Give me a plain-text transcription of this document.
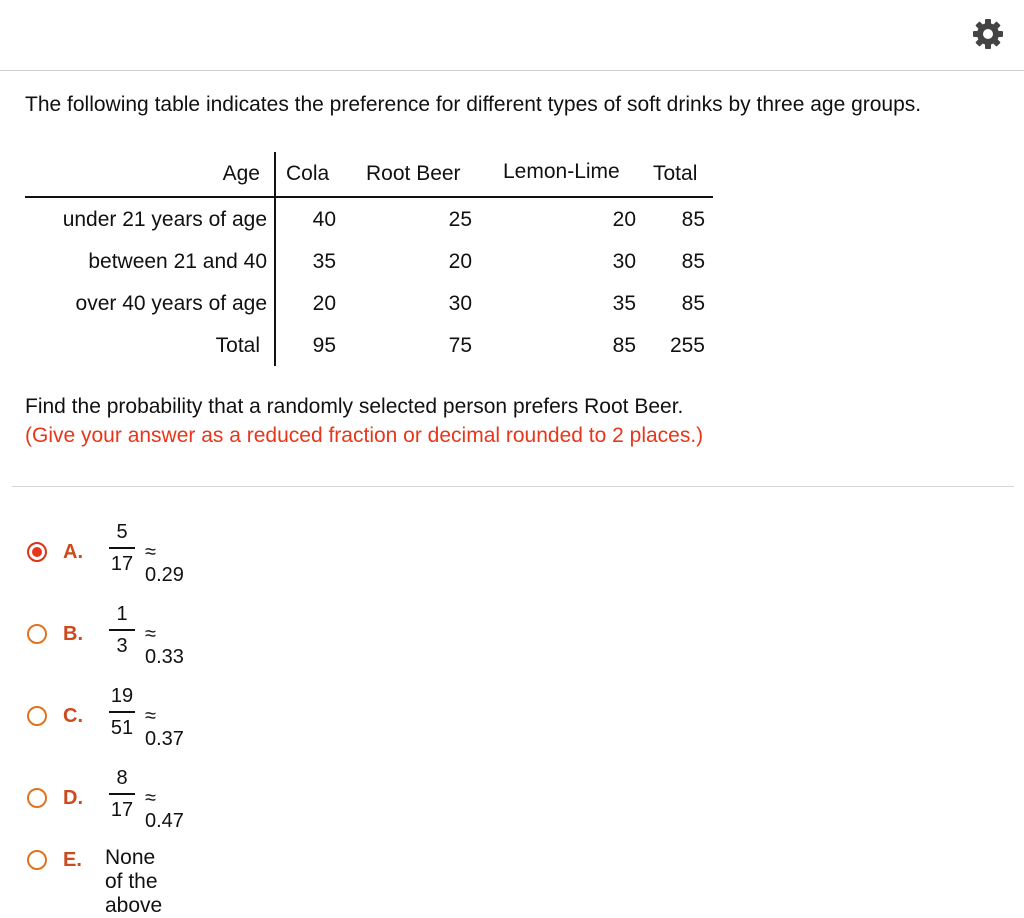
The following table indicates the preference for different types of soft drinks by three age groups.
Age Cola Root Beer Lemon-Lime Total
under 21 years of age	40	25	20	85
between 21 and 40	35	20	30	85
over 40 years of age	20	30	35	85
Total	95	75	85	255
Find the probability that a randomly selected person prefers Root Beer.
(Give your answer as a reduced fraction or decimal rounded to 2 places.)
A.
5
17
≈ 0.29
B.
1
3
≈ 0.33
C.
19
51
≈ 0.37
D.
8
17
≈ 0.47
E. None of the above
